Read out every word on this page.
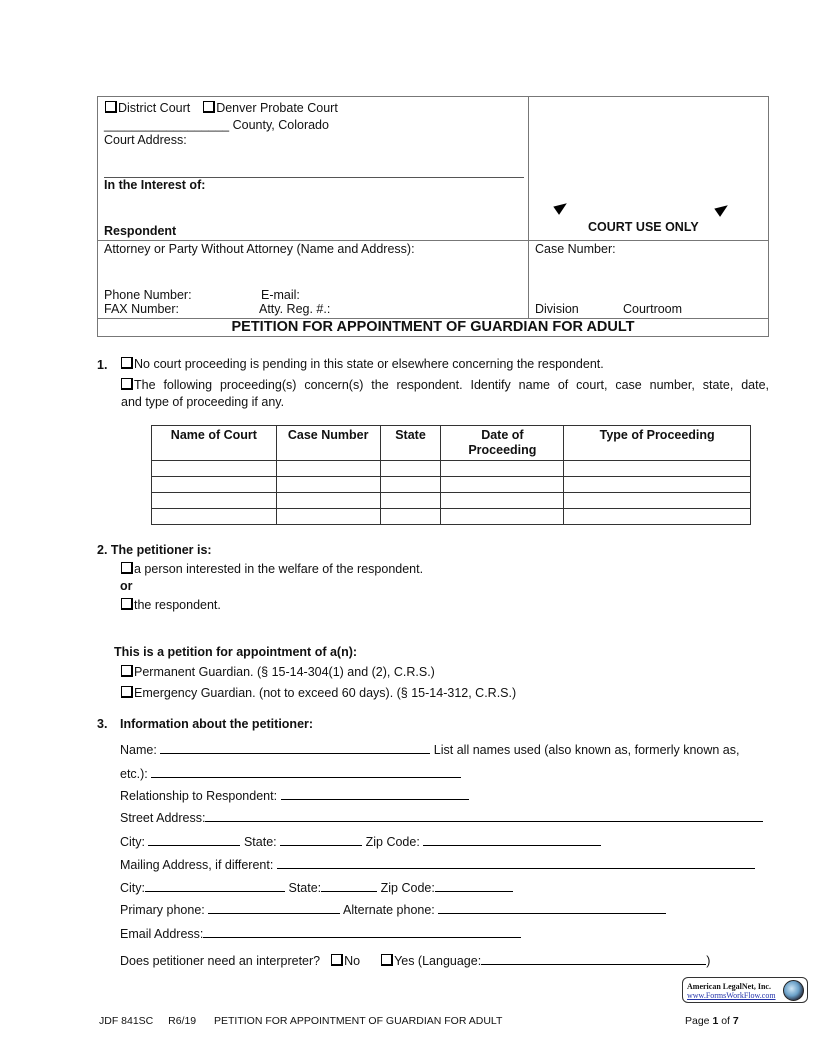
District Court Denver Probate Court
__________________ County, Colorado
Court Address:
In the Interest of:
Respondent	COURT USE ONLY
Attorney or Party Without Attorney (Name and Address):
Phone Number:	E-mail:
FAX Number:	Atty. Reg. #.:
Case Number:
Division	Courtroom
PETITION FOR APPOINTMENT OF GUARDIAN FOR ADULT
1.	No court proceeding is pending in this state or elsewhere concerning the respondent.
The following proceeding(s) concern(s) the respondent. Identify name of court, case number, state, date,
and type of proceeding if any.
Name of Court	Case Number	State	Date of
Proceeding	Type of Proceeding

2. The petitioner is:
a person interested in the welfare of the respondent.
or
the respondent.
This is a petition for appointment of a(n):
Permanent Guardian. (§ 15-14-304(1) and (2), C.R.S.)
Emergency Guardian. (not to exceed 60 days). (§ 15-14-312, C.R.S.)
3. Information about the petitioner:
Name:	List all names used (also known as, formerly known as,
etc.):
Relationship to Respondent:
Street Address:
City:	State:	Zip Code:
Mailing Address, if different:
City:	State:	Zip Code:
Primary phone:	Alternate phone:
Email Address:
Does petitioner need an interpreter? No	Yes (Language:	)
American LegalNet, Inc.
www.FormsWorkFlow.com
JDF 841SC R6/19 PETITION FOR APPOINTMENT OF GUARDIAN FOR ADULT	Page 1 of 7
